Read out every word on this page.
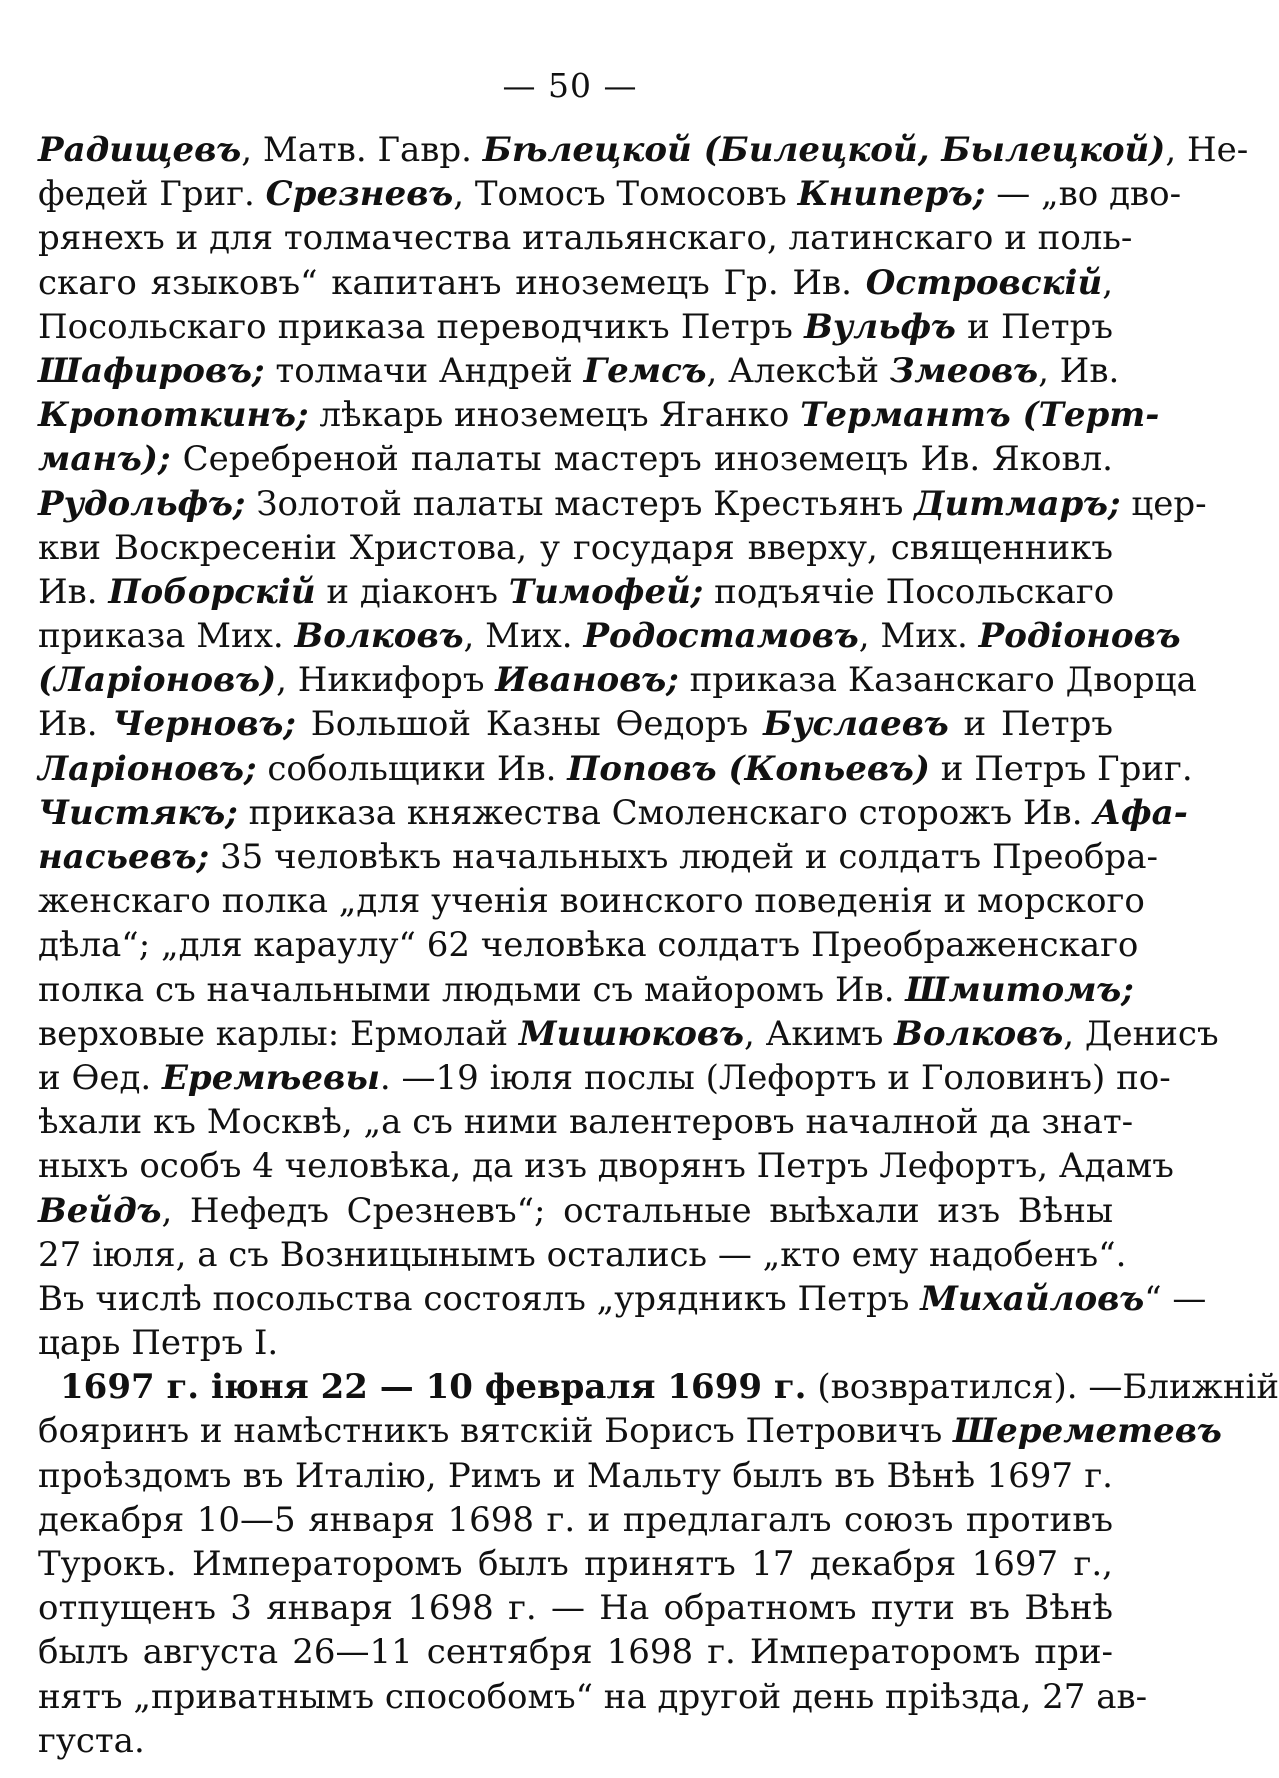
— 50 —
Радищевъ, Матв. Гавр. Бѣлецкой (Билецкой, Былецкой), Не-
федей Григ. Срезневъ, Томосъ Томосовъ Книперъ; — „во дво-
рянехъ и для толмачества итальянскаго, латинскаго и поль-
скаго языковъ“ капитанъ иноземецъ Гр. Ив. Островскій,
Посольскаго приказа переводчикъ Петръ Вульфъ и Петръ
Шафировъ; толмачи Андрей Гемсъ, Алексѣй Змеовъ, Ив.
Кропоткинъ; лѣкарь иноземецъ Яганко Термантъ (Терт-
манъ); Серебреной палаты мастеръ иноземецъ Ив. Яковл.
Рудольфъ; Золотой палаты мастеръ Крестьянъ Дитмаръ; цер-
кви Воскресеніи Христова, у государя вверху, священникъ
Ив. Поборскій и діаконъ Тимофей; подъячіе Посольскаго
приказа Мих. Волковъ, Мих. Родостамовъ, Мих. Родіоновъ
(Ларіоновъ), Никифоръ Ивановъ; приказа Казанскаго Дворца
Ив. Черновъ; Большой Казны Ѳедоръ Буслаевъ и Петръ
Ларіоновъ; собольщики Ив. Поповъ (Копьевъ) и Петръ Григ.
Чистякъ; приказа княжества Смоленскаго сторожъ Ив. Афа-
насьевъ; 35 человѣкъ начальныхъ людей и солдатъ Преобра-
женскаго полка „для ученія воинского поведенія и морского
дѣла“; „для караулу“ 62 человѣка солдатъ Преображенскаго
полка съ начальными людьми съ майоромъ Ив. Шмитомъ;
верховые карлы: Ермолай Мишюковъ, Акимъ Волковъ, Денисъ
и Ѳед. Еремѣевы. —19 іюля послы (Лефортъ и Головинъ) по-
ѣхали къ Москвѣ, „а съ ними валентеровъ началной да знат-
ныхъ особъ 4 человѣка, да изъ дворянъ Петръ Лефортъ, Адамъ
Вейдъ, Нефедъ Срезневъ“; остальные выѣхали изъ Вѣны
27 іюля, а съ Возницынымъ остались — „кто ему надобенъ“.
Въ числѣ посольства состоялъ „урядникъ Петръ Михайловъ“ —
царь Петръ I.
1697 г. іюня 22 — 10 февраля 1699 г. (возвратился). —Ближній
бояринъ и намѣстникъ вятскій Борисъ Петровичъ Шереметевъ
проѣздомъ въ Италію, Римъ и Мальту былъ въ Вѣнѣ 1697 г.
декабря 10—5 января 1698 г. и предлагалъ союзъ противъ
Турокъ. Императоромъ былъ принятъ 17 декабря 1697 г.,
отпущенъ 3 января 1698 г. — На обратномъ пути въ Вѣнѣ
былъ августа 26—11 сентября 1698 г. Императоромъ при-
нятъ „приватнымъ способомъ“ на другой день пріѣзда, 27 ав-
густа.
